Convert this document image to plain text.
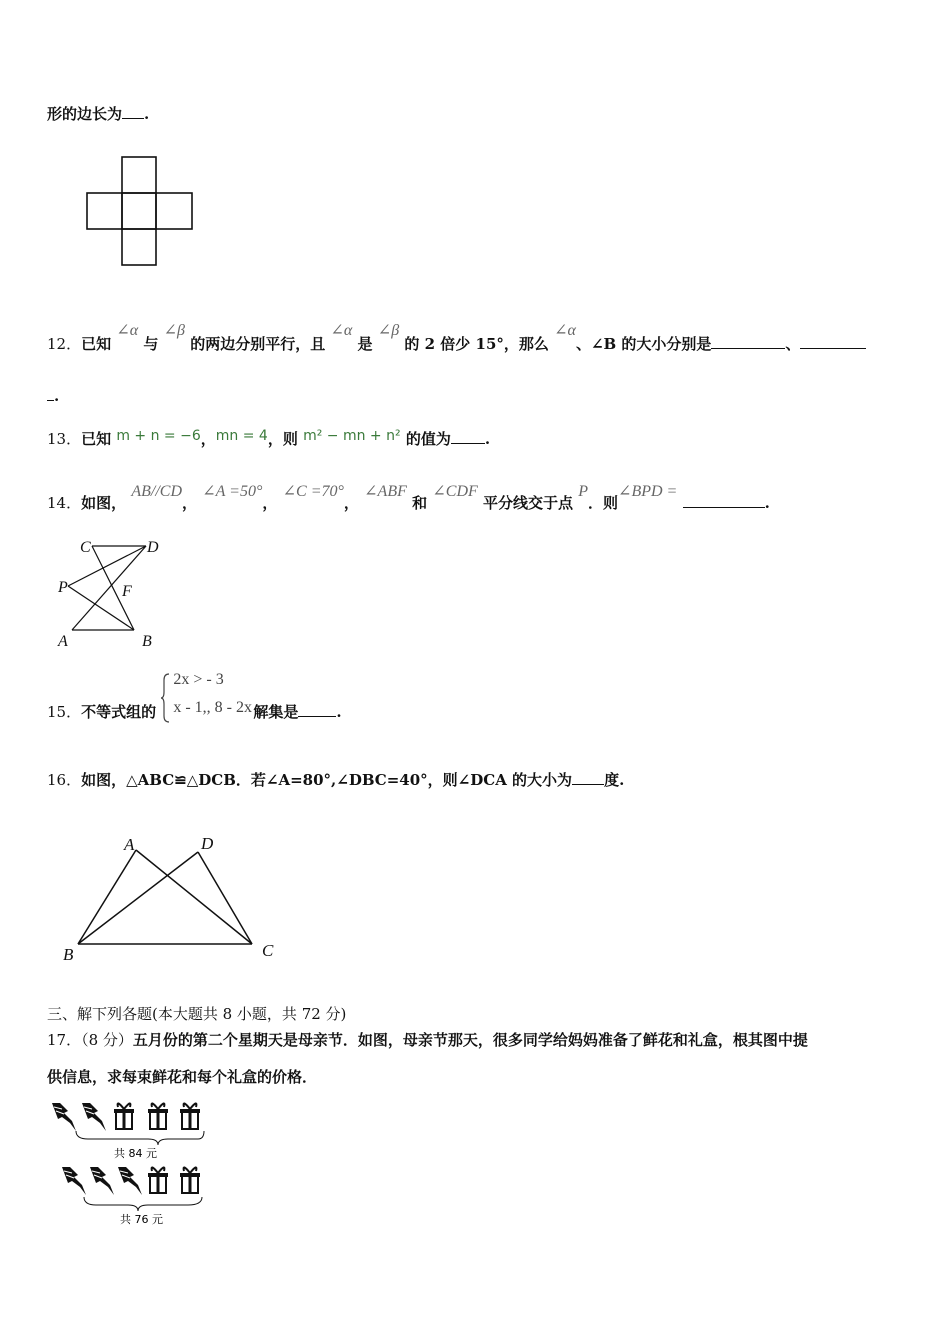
形的边长为 .
12．已知 ∠α 与 ∠β 的两边分别平行，且 ∠α 是 ∠β 的 2 倍少 15°，那么 ∠α、∠B 的大小分别是	、
.
13．已知 m + n = −6，mn = 4，则 m² − mn + n² 的值为 .
14．如图， AB//CD， ∠A =50°， ∠C =70°， ∠ABF 和 ∠CDF 平分线交于点 P．则∠BPD = .
C	D
P	F
A	B
15．不等式组的
2x > - 3
x - 1,, 8 - 2x 解集是	.
16．如图，△ABC≌△DCB．若∠A=80°,∠DBC=40°，则∠DCA 的大小为 度.
A	D
B	C
三、解下列各题(本大题共 8 小题，共 72 分)
17．（8 分）五月份的第二个星期天是母亲节．如图，母亲节那天，很多同学给妈妈准备了鲜花和礼盒，根其图中提
供信息，求每束鲜花和每个礼盒的价格．
共 84 元
共 76 元
